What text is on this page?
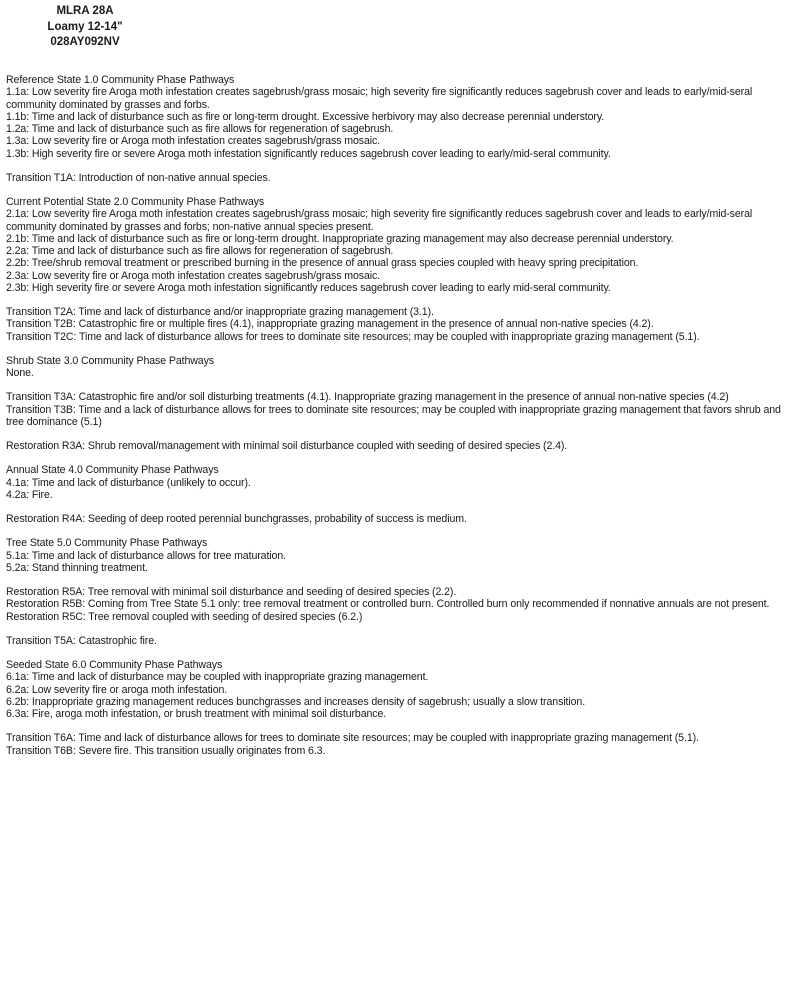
MLRA 28A
Loamy 12-14"
028AY092NV
Reference State 1.0 Community Phase Pathways
1.1a: Low severity fire Aroga moth infestation creates sagebrush/grass mosaic; high severity fire significantly reduces sagebrush cover and leads to early/mid-seral community dominated by grasses and forbs.
1.1b: Time and lack of disturbance such as fire or long-term drought. Excessive herbivory may also decrease perennial understory.
1.2a: Time and lack of disturbance such as fire allows for regeneration of sagebrush.
1.3a: Low severity fire or Aroga moth infestation creates sagebrush/grass mosaic.
1.3b: High severity fire or severe Aroga moth infestation significantly reduces sagebrush cover leading to early/mid-seral community.
Transition T1A: Introduction of non-native annual species.
Current Potential State 2.0 Community Phase Pathways
2.1a: Low severity fire Aroga moth infestation creates sagebrush/grass mosaic; high severity fire significantly reduces sagebrush cover and leads to early/mid-seral community dominated by grasses and forbs; non-native annual species present.
2.1b: Time and lack of disturbance such as fire or long-term drought. Inappropriate grazing management may also decrease perennial understory.
2.2a: Time and lack of disturbance such as fire allows for regeneration of sagebrush.
2.2b: Tree/shrub removal treatment or prescribed burning in the presence of annual grass species coupled with heavy spring precipitation.
2.3a: Low severity fire or Aroga moth infestation creates sagebrush/grass mosaic.
2.3b: High severity fire or severe Aroga moth infestation significantly reduces sagebrush cover leading to early mid-seral community.
Transition T2A: Time and lack of disturbance and/or inappropriate grazing management (3.1).
Transition T2B: Catastrophic fire or multiple fires (4.1), inappropriate grazing management in the presence of annual non-native species (4.2).
Transition T2C: Time and lack of disturbance allows for trees to dominate site resources; may be coupled with inappropriate grazing management (5.1).
Shrub State 3.0 Community Phase Pathways
None.
Transition T3A: Catastrophic fire and/or soil disturbing treatments (4.1). Inappropriate grazing management in the presence of annual non-native species (4.2)
Transition T3B: Time and a lack of disturbance allows for trees to dominate site resources; may be coupled with inappropriate grazing management that favors shrub and tree dominance (5.1)
Restoration R3A: Shrub removal/management with minimal soil disturbance coupled with seeding of desired species (2.4).
Annual State 4.0 Community Phase Pathways
4.1a: Time and lack of disturbance (unlikely to occur).
4.2a: Fire.
Restoration R4A: Seeding of deep rooted perennial bunchgrasses, probability of success is medium.
Tree State 5.0 Community Phase Pathways
5.1a: Time and lack of disturbance allows for tree maturation.
5.2a: Stand thinning treatment.
Restoration R5A: Tree removal with minimal soil disturbance and seeding of desired species (2.2).
Restoration R5B: Coming from Tree State 5.1 only: tree removal treatment or controlled burn. Controlled burn only recommended if nonnative annuals are not present.
Restoration R5C: Tree removal coupled with seeding of desired species (6.2.)
Transition T5A: Catastrophic fire.
Seeded State 6.0 Community Phase Pathways
6.1a: Time and lack of disturbance may be coupled with inappropriate grazing management.
6.2a: Low severity fire or aroga moth infestation.
6.2b: Inappropriate grazing management reduces bunchgrasses and increases density of sagebrush; usually a slow transition.
6.3a: Fire, aroga moth infestation, or brush treatment with minimal soil disturbance.
Transition T6A: Time and lack of disturbance allows for trees to dominate site resources; may be coupled with inappropriate grazing management (5.1).
Transition T6B: Severe fire. This transition usually originates from 6.3.
